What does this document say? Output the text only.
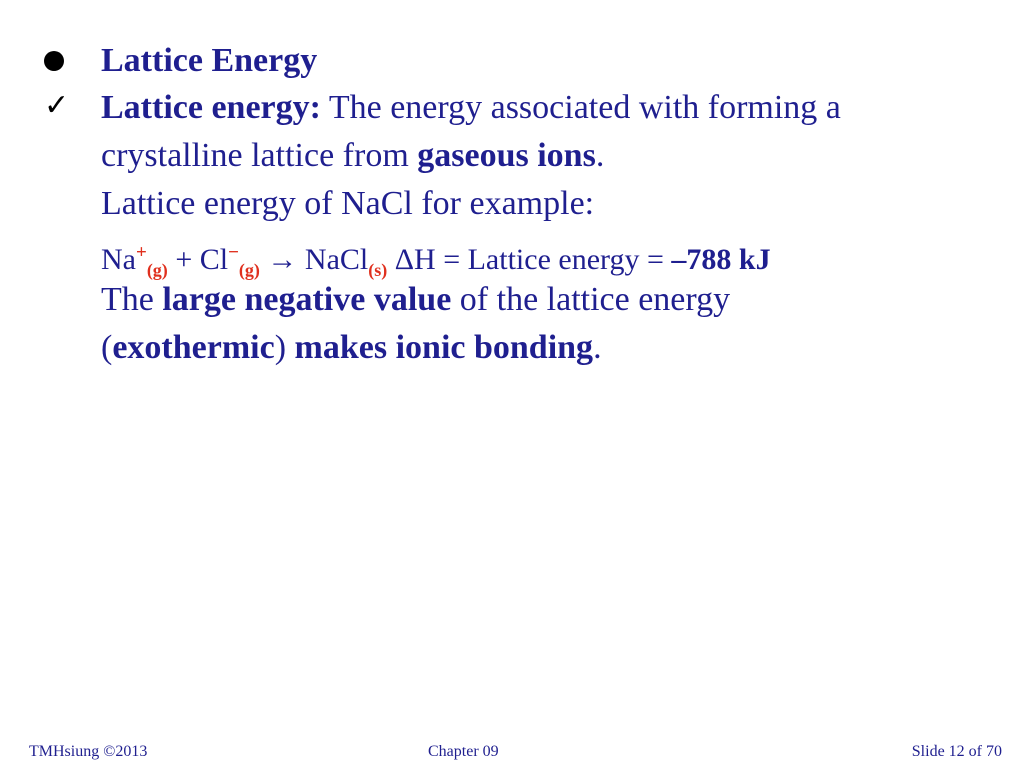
✓
Lattice Energy
Lattice energy: The energy associated with forming a
crystalline lattice from gaseous ions.
Lattice energy of NaCl for example:
$Na^+_{(g)} + Cl^-_{(g)}$ → NaCl$_{(s)}$ ΔH = Lattice energy = –788 kJ
The large negative value of the lattice energy
(exothermic) makes ionic bonding.
TMHsiung ©2013	Chapter 09	Slide 12 of 70
